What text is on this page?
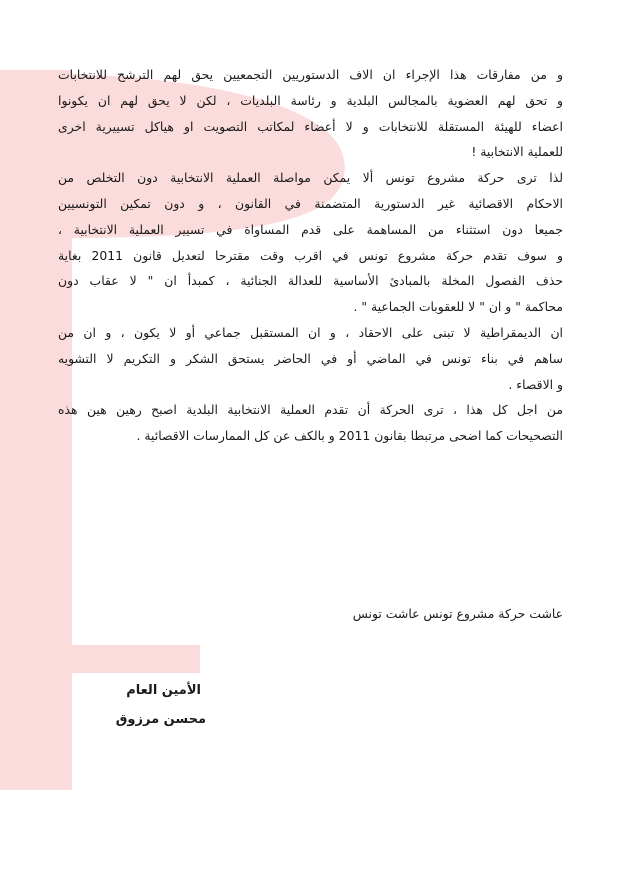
و من مفارقات هذا الإجراء ان الاف الدستوريين التجمعيين يحق لهم الترشح للانتخابات
و تحق لهم العضوية بالمجالس البلدية و رئاسة البلديات ، لكن لا يحق لهم ان يكونوا
اعضاء للهيئة المستقلة للانتخابات و لا أعضاء لمكاتب التصويت او هياكل تسييرية اخرى
للعملية الانتخابية !
لذا ترى حركة مشروع تونس ألا يمكن مواصلة العملية الانتخابية دون التخلص من
الاحكام الاقصائية غير الدستورية المتضمنة في القانون ، و دون تمكين التونسيين
جميعا دون استثناء من المساهمة على قدم المساواة في تسيير العملية الانتخابية ،
و سوف تقدم حركة مشروع تونس في اقرب وقت مقترحا لتعديل قانون 2011 بغاية
حذف الفصول المخلة بالمبادئ الأساسية للعدالة الجنائية ، كمبدأ ان " لا عقاب دون
محاكمة " و ان " لا للعقوبات الجماعية " .
ان الديمقراطية لا تبنى على الاحقاد ، و ان المستقبل جماعي أو لا يكون ، و ان من
ساهم في بناء تونس في الماضي أو في الحاضر يستحق الشكر و التكريم لا التشويه
و الاقصاء .
من اجل كل هذا ، ترى الحركة أن تقدم العملية الانتخابية البلدية اصبح رهين هين هذه
التصحيحات كما اضحى مرتبطا بقانون 2011 و بالكف عن كل الممارسات الاقصائية .
عاشت حركة مشروع تونس عاشت تونس
الأمين العام
محسن مرزوق
